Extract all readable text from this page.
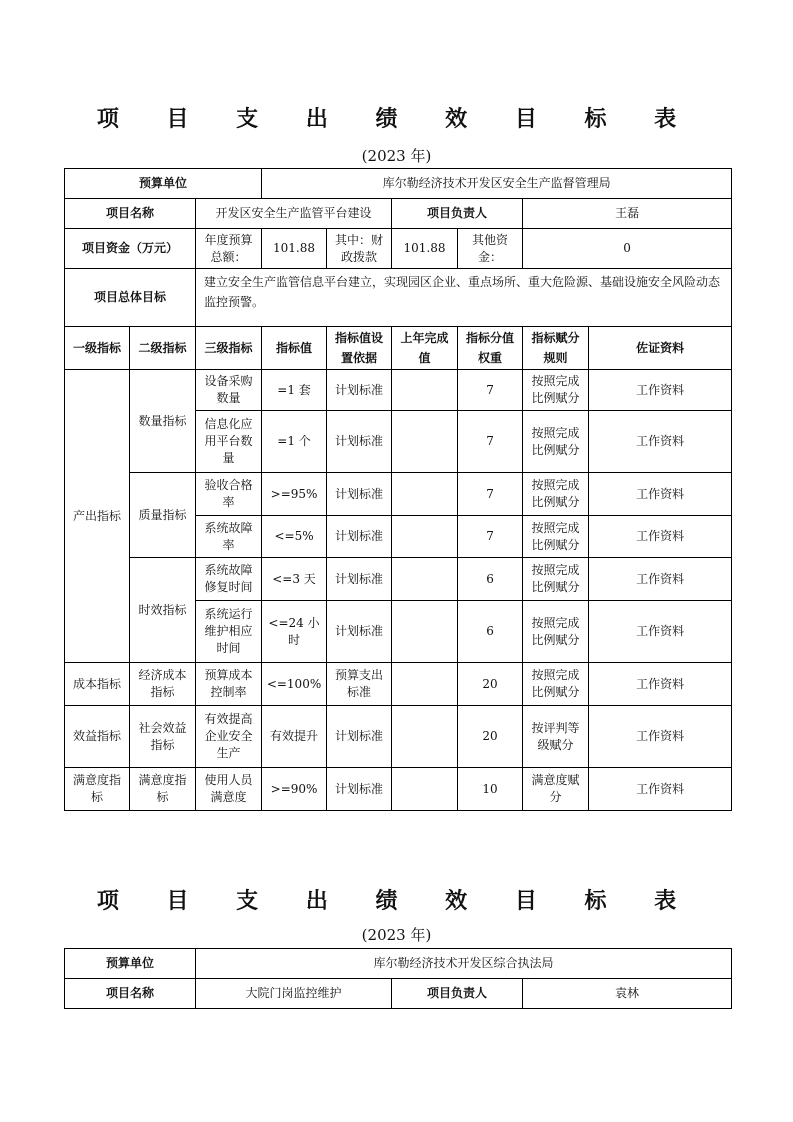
项 目 支 出 绩 效 目 标 表
(2023 年)
预算单位			库尔勒经济技术开发区安全生产监督管理局					
项目名称		开发区安全生产监管平台建设			项目负责人		王磊	
项目资金（万元）		年度预算总额：	101.88	其中：财政拨款	101.88	其他资金：	0	
项目总体目标		建立安全生产监管信息平台建立，实现园区企业、重点场所、重大危险源、基础设施安全风险动态监控预警。						
一级指标	二级指标	三级指标	指标值	指标值设置依据	上年完成值	指标分值权重	指标赋分规则	佐证资料
产出指标	数量指标	设备采购数量	=1 套	计划标准		7	按照完成比例赋分	工作资料
		信息化应用平台数量	=1 个	计划标准		7	按照完成比例赋分	工作资料
	质量指标	验收合格率	>=95%	计划标准		7	按照完成比例赋分	工作资料
		系统故障率	<=5%	计划标准		7	按照完成比例赋分	工作资料
	时效指标	系统故障修复时间	<=3 天	计划标准		6	按照完成比例赋分	工作资料
		系统运行维护相应时间	<=24 小时	计划标准		6	按照完成比例赋分	工作资料
成本指标	经济成本指标	预算成本控制率	<=100%	预算支出标准		20	按照完成比例赋分	工作资料
效益指标	社会效益指标	有效提高企业安全生产	有效提升	计划标准		20	按评判等级赋分	工作资料
满意度指标	满意度指标	使用人员满意度	>=90%	计划标准		10	满意度赋分	工作资料
项 目 支 出 绩 效 目 标 表
(2023 年)
预算单位	库尔勒经济技术开发区综合执法局		
项目名称	大院门岗监控维护	项目负责人	袁林
